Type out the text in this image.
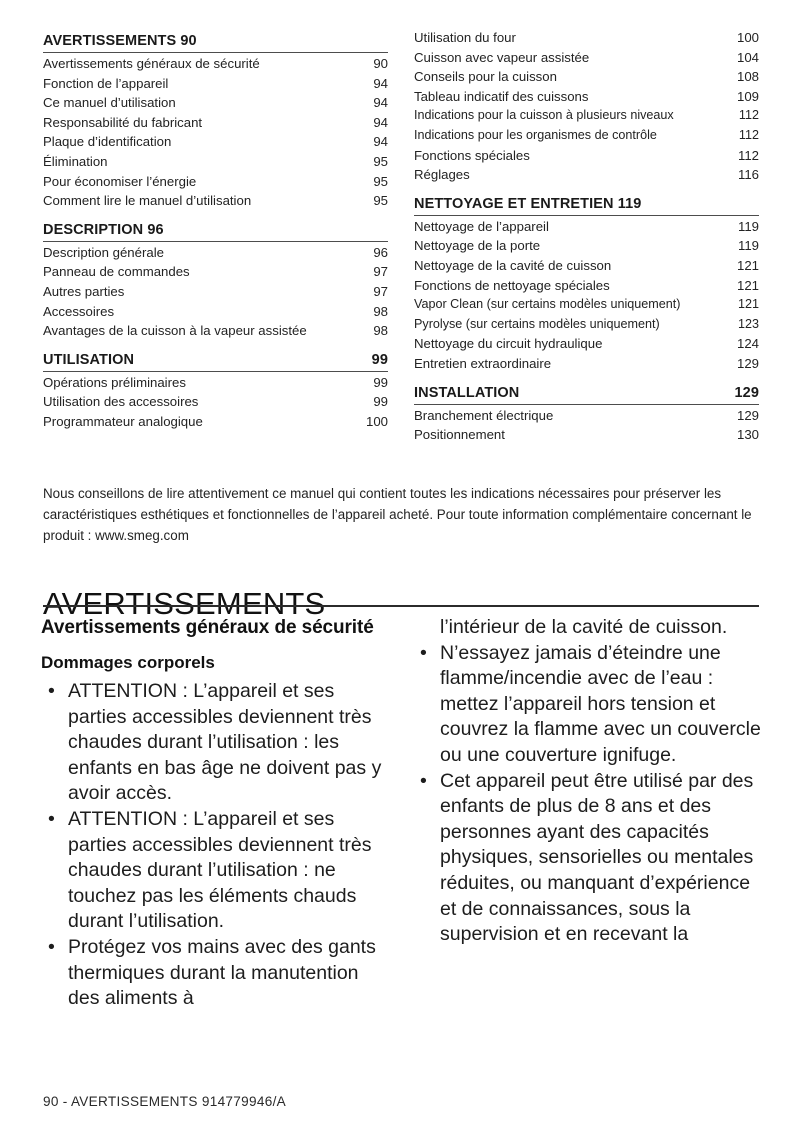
AVERTISSEMENTS 90
Avertissements généraux de sécurité	90
Fonction de l’appareil	94
Ce manuel d’utilisation	94
Responsabilité du fabricant	94
Plaque d’identification	94
Élimination	95
Pour économiser l’énergie	95
Comment lire le manuel d’utilisation	95
DESCRIPTION 96
Description générale	96
Panneau de commandes	97
Autres parties	97
Accessoires	98
Avantages de la cuisson à la vapeur assistée	98
UTILISATION	99
Opérations préliminaires	99
Utilisation des accessoires	99
Programmateur analogique	100
Utilisation du four	100
Cuisson avec vapeur assistée	104
Conseils pour la cuisson	108
Tableau indicatif des cuissons	109
Indications pour la cuisson à plusieurs niveaux	112
Indications pour les organismes de contrôle	112
Fonctions spéciales	112
Réglages	116
NETTOYAGE ET ENTRETIEN 119
Nettoyage de l’appareil	119
Nettoyage de la porte	119
Nettoyage de la cavité de cuisson	121
Fonctions de nettoyage spéciales	121
Vapor Clean (sur certains modèles uniquement)	121
Pyrolyse (sur certains modèles uniquement)	123
Nettoyage du circuit hydraulique	124
Entretien extraordinaire	129
INSTALLATION	129
Branchement électrique	129
Positionnement	130
Nous conseillons de lire attentivement ce manuel qui contient toutes les indications nécessaires pour préserver les caractéristiques esthétiques et fonctionnelles de l’appareil acheté. Pour toute information complémentaire concernant le produit : www.smeg.com
AVERTISSEMENTS
Avertissements généraux de sécurité
Dommages corporels
• ATTENTION : L’appareil et ses parties accessibles deviennent très chaudes durant l’utilisation : les enfants en bas âge ne doivent pas y avoir accès.
• ATTENTION : L’appareil et ses parties accessibles deviennent très chaudes durant l’utilisation : ne touchez pas les éléments chauds durant l’utilisation.
• Protégez vos mains avec des gants thermiques durant la manutention des aliments à
l’intérieur de la cavité de cuisson.
• N’essayez jamais d’éteindre une flamme/incendie avec de l’eau : mettez l’appareil hors tension et couvrez la flamme avec un couvercle ou une couverture ignifuge.
• Cet appareil peut être utilisé par des enfants de plus de 8 ans et des personnes ayant des capacités physiques, sensorielles ou mentales réduites, ou manquant d’expérience et de connaissances, sous la supervision et en recevant la
90 - AVERTISSEMENTS 914779946/A
